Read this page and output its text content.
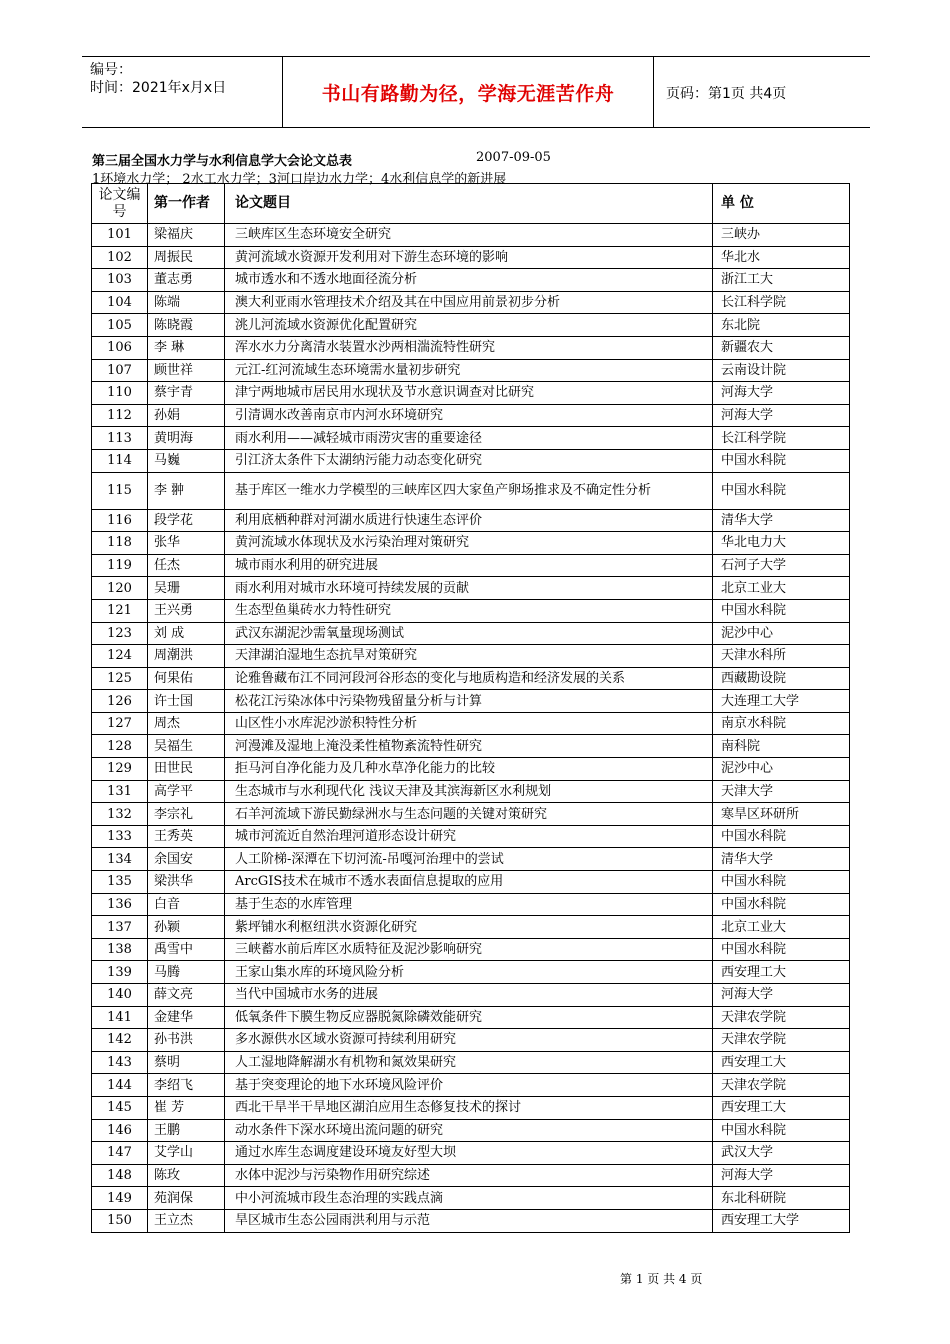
编号：
时间：2021年x月x日	书山有路勤为径，学海无涯苦作舟	页码：第1页 共4页
第三届全国水力学与水利信息学大会论文总表	2007-09-05
1环境水力学； 2水工水力学；3河口岸边水力学；4水利信息学的新进展
论文编号	第一作者	论文题目	单 位
101	梁福庆	三峡库区生态环境安全研究	三峡办
102	周振民	黄河流域水资源开发利用对下游生态环境的影响	华北水
103	董志勇	城市透水和不透水地面径流分析	浙江工大
104	陈端	澳大利亚雨水管理技术介绍及其在中国应用前景初步分析	长江科学院
105	陈晓霞	洮儿河流域水资源优化配置研究	东北院
106	李 琳	浑水水力分离清水装置水沙两相湍流特性研究	新疆农大
107	顾世祥	元江-红河流域生态环境需水量初步研究	云南设计院
110	蔡宇青	津宁两地城市居民用水现状及节水意识调查对比研究	河海大学
112	孙娟	引清调水改善南京市内河水环境研究	河海大学
113	黄明海	雨水利用——减轻城市雨涝灾害的重要途径	长江科学院
114	马巍	引江济太条件下太湖纳污能力动态变化研究	中国水科院
115	李 翀	基于库区一维水力学模型的三峡库区四大家鱼产卵场推求及不确定性分析	中国水科院
116	段学花	利用底栖种群对河湖水质进行快速生态评价	清华大学
118	张华	黄河流域水体现状及水污染治理对策研究	华北电力大
119	任杰	城市雨水利用的研究进展	石河子大学
120	吴珊	雨水利用对城市水环境可持续发展的贡献	北京工业大
121	王兴勇	生态型鱼巢砖水力特性研究	中国水科院
123	刘 成	武汉东湖泥沙需氧量现场测试	泥沙中心
124	周潮洪	天津湖泊湿地生态抗旱对策研究	天津水科所
125	何果佑	论雅鲁藏布江不同河段河谷形态的变化与地质构造和经济发展的关系	西藏勘设院
126	许士国	松花江污染冰体中污染物残留量分析与计算	大连理工大学
127	周杰	山区性小水库泥沙淤积特性分析	南京水科院
128	吴福生	河漫滩及湿地上淹没柔性植物紊流特性研究	南科院
129	田世民	拒马河自净化能力及几种水草净化能力的比较	泥沙中心
131	高学平	生态城市与水利现代化 浅议天津及其滨海新区水利规划	天津大学
132	李宗礼	石羊河流域下游民勤绿洲水与生态问题的关键对策研究	寒旱区环研所
133	王秀英	城市河流近自然治理河道形态设计研究	中国水科院
134	余国安	人工阶梯-深潭在下切河流-吊嘎河治理中的尝试	清华大学
135	梁洪华	ArcGIS技术在城市不透水表面信息提取的应用	中国水科院
136	白音	基于生态的水库管理	中国水科院
137	孙颖	紫坪铺水利枢纽洪水资源化研究	北京工业大
138	禹雪中	三峡蓄水前后库区水质特征及泥沙影响研究	中国水科院
139	马腾	王家山集水库的环境风险分析	西安理工大
140	薛文亮	当代中国城市水务的进展	河海大学
141	金建华	低氧条件下膜生物反应器脱氮除磷效能研究	天津农学院
142	孙书洪	多水源供水区域水资源可持续利用研究	天津农学院
143	蔡明	人工湿地降解湖水有机物和氮效果研究	西安理工大
144	李绍飞	基于突变理论的地下水环境风险评价	天津农学院
145	崔 芳	西北干旱半干旱地区湖泊应用生态修复技术的探讨	西安理工大
146	王鹏	动水条件下深水环境出流问题的研究	中国水科院
147	艾学山	通过水库生态调度建设环境友好型大坝	武汉大学
148	陈玫	水体中泥沙与污染物作用研究综述	河海大学
149	苑润保	中小河流城市段生态治理的实践点滴	东北科研院
150	王立杰	旱区城市生态公园雨洪利用与示范	西安理工大学
第 1 页 共 4 页
